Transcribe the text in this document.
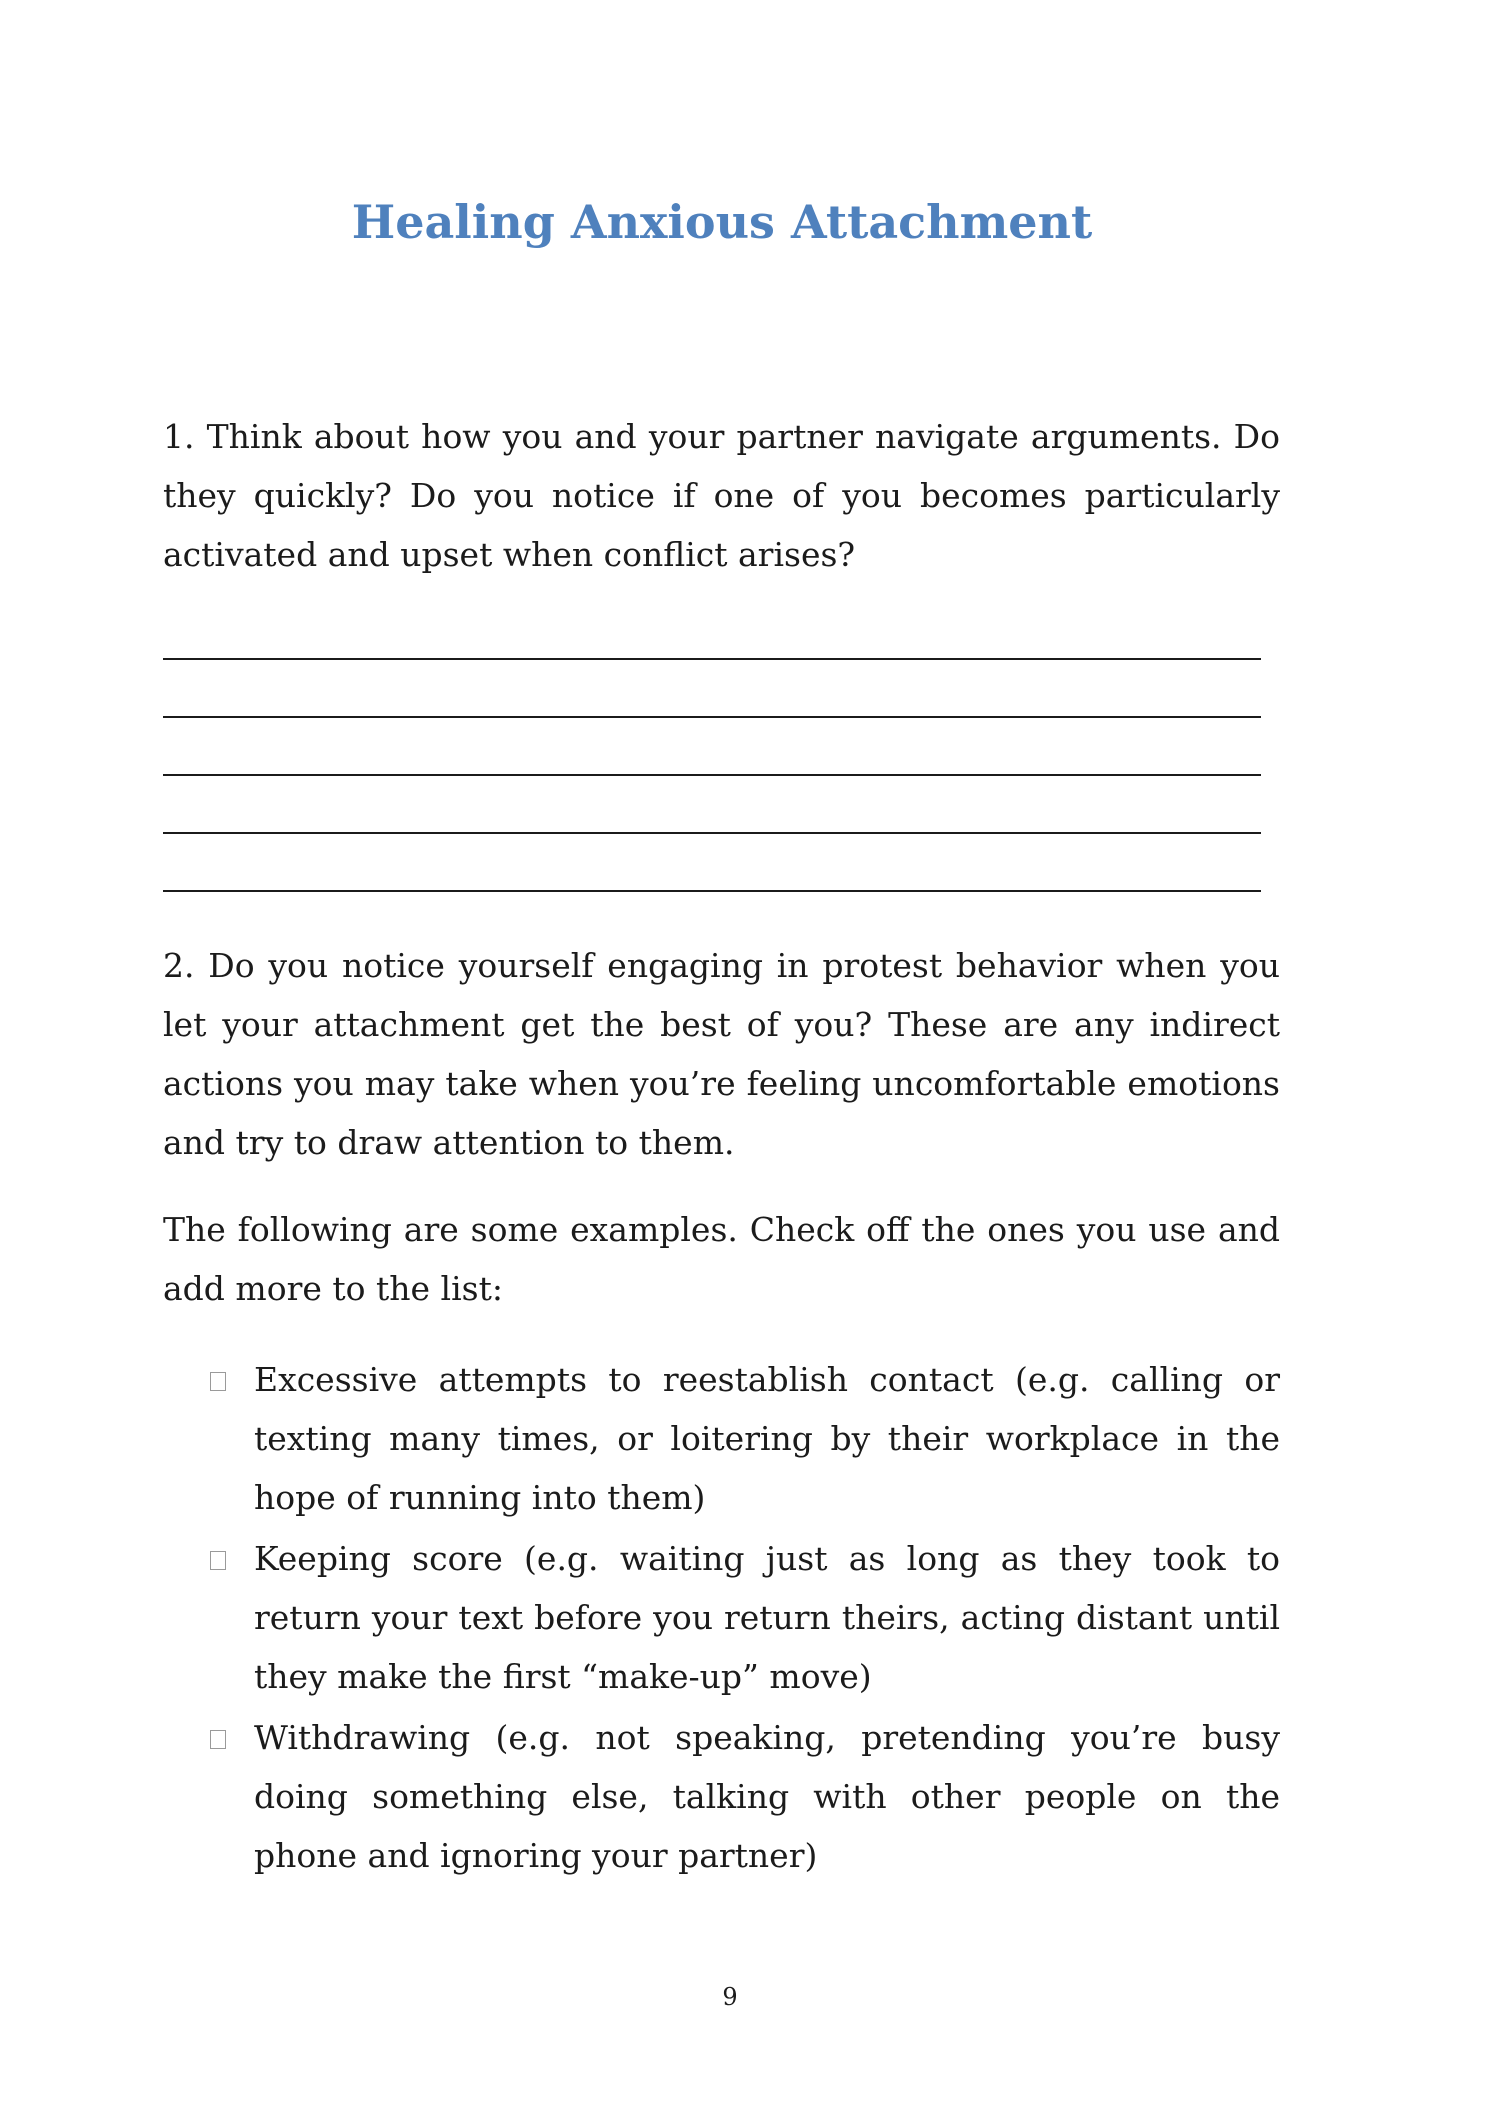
Healing Anxious Attachment

1. Think about how you and your partner navigate arguments. Do they quickly? Do you notice if one of you becomes particularly activated and upset when conflict arises?

2. Do you notice yourself engaging in protest behavior when you let your attachment get the best of you? These are any indirect actions you may take when you’re feeling uncomfortable emotions and try to draw attention to them.

The following are some examples. Check off the ones you use and add more to the list:

Excessive attempts to reestablish contact (e.g. calling or texting many times, or loitering by their workplace in the hope of running into them)
Keeping score (e.g. waiting just as long as they took to return your text before you return theirs, acting distant until they make the first “make-up” move)
Withdrawing (e.g. not speaking, pretending you’re busy doing something else, talking with other people on the phone and ignoring your partner)
9
